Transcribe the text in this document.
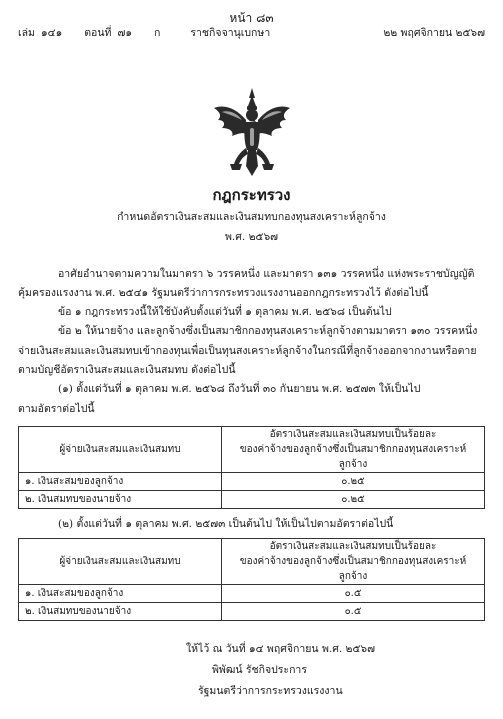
หน้า ๘๓
เล่ม ๑๔๑ ตอนที่ ๗๑ ก	ราชกิจจานุเบกษา	๒๒ พฤศจิกายน ๒๕๖๗
กฎกระทรวง
กำหนดอัตราเงินสะสมและเงินสมทบกองทุนสงเคราะห์ลูกจ้าง
พ.ศ. ๒๕๖๗
อาศัยอำนาจตามความในมาตรา ๖ วรรคหนึ่ง และมาตรา ๑๓๑ วรรคหนึ่ง แห่งพระราชบัญญัติ
คุ้มครองแรงงาน พ.ศ. ๒๕๔๑ รัฐมนตรีว่าการกระทรวงแรงงานออกกฎกระทรวงไว้ ดังต่อไปนี้
ข้อ ๑ กฎกระทรวงนี้ให้ใช้บังคับตั้งแต่วันที่ ๑ ตุลาคม พ.ศ. ๒๕๖๘ เป็นต้นไป
ข้อ ๒ ให้นายจ้าง และลูกจ้างซึ่งเป็นสมาชิกกองทุนสงเคราะห์ลูกจ้างตามมาตรา ๑๓๐ วรรคหนึ่ง
จ่ายเงินสะสมและเงินสมทบเข้ากองทุนเพื่อเป็นทุนสงเคราะห์ลูกจ้างในกรณีที่ลูกจ้างออกจากงานหรือตาย
ตามบัญชีอัตราเงินสะสมและเงินสมทบ ดังต่อไปนี้
(๑) ตั้งแต่วันที่ ๑ ตุลาคม พ.ศ. ๒๕๖๘ ถึงวันที่ ๓๐ กันยายน พ.ศ. ๒๕๗๓ ให้เป็นไป
ตามอัตราต่อไปนี้
ผู้จ่ายเงินสะสมและเงินสมทบ	อัตราเงินสะสมและเงินสมทบเป็นร้อยละ
ของค่าจ้างของลูกจ้างซึ่งเป็นสมาชิกกองทุนสงเคราะห์ลูกจ้าง

๑. เงินสะสมของลูกจ้าง	๐.๒๕
๒. เงินสมทบของนายจ้าง	๐.๒๕
(๒) ตั้งแต่วันที่ ๑ ตุลาคม พ.ศ. ๒๕๗๓ เป็นต้นไป ให้เป็นไปตามอัตราต่อไปนี้
ผู้จ่ายเงินสะสมและเงินสมทบ	อัตราเงินสะสมและเงินสมทบเป็นร้อยละ
ของค่าจ้างของลูกจ้างซึ่งเป็นสมาชิกกองทุนสงเคราะห์ลูกจ้าง

๑. เงินสะสมของลูกจ้าง	๐.๕
๒. เงินสมทบของนายจ้าง	๐.๕
ให้ไว้ ณ วันที่ ๑๔ พฤศจิกายน พ.ศ. ๒๕๖๗
พิพัฒน์ รัชกิจประการ
รัฐมนตรีว่าการกระทรวงแรงงาน
